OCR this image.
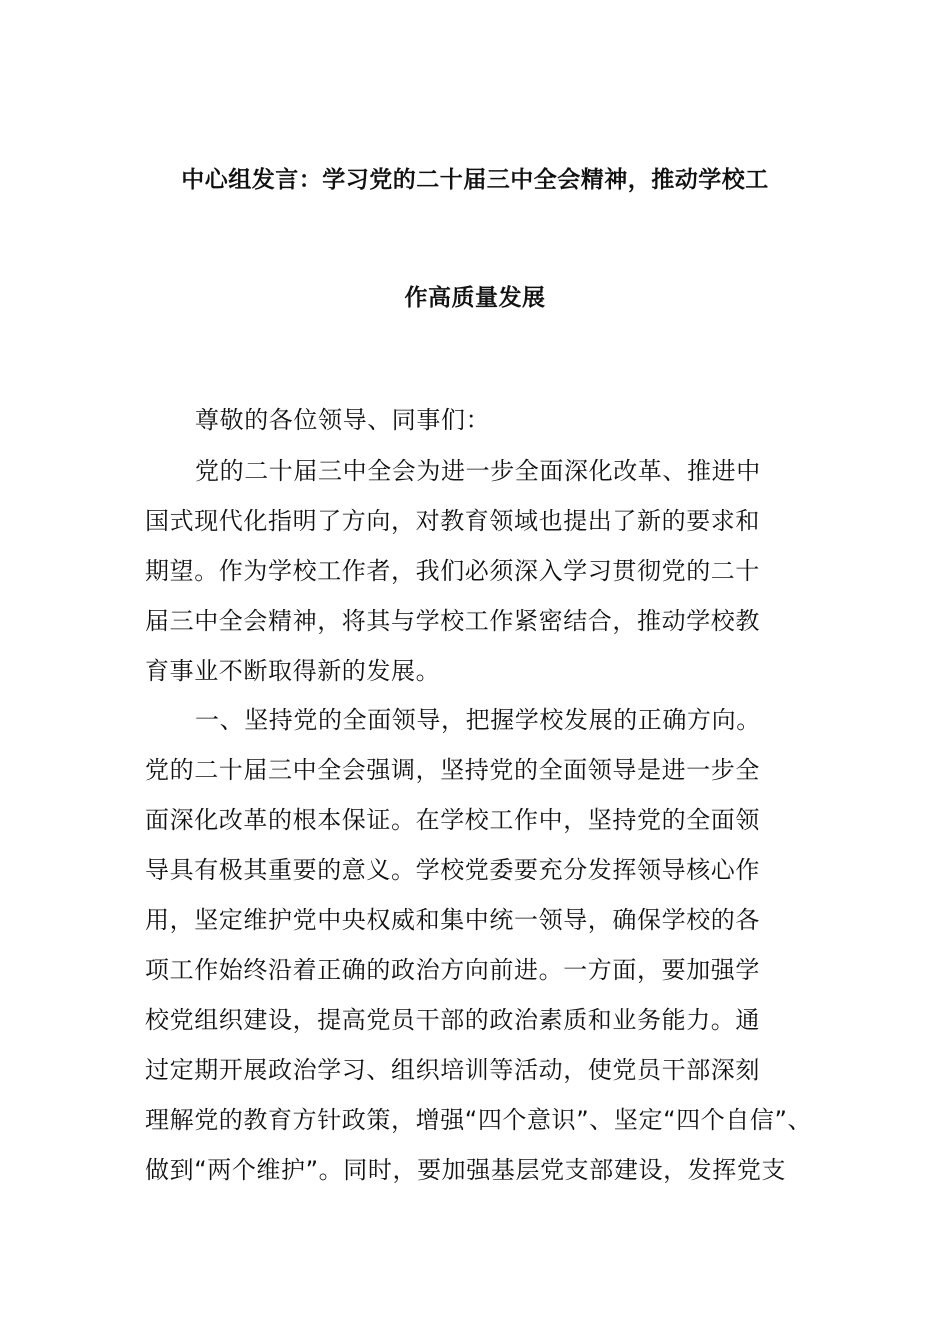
中心组发言：学习党的二十届三中全会精神，推动学校工
作高质量发展
尊敬的各位领导、同事们：
党的二十届三中全会为进一步全面深化改革、推进中
国式现代化指明了方向，对教育领域也提出了新的要求和
期望。作为学校工作者，我们必须深入学习贯彻党的二十
届三中全会精神，将其与学校工作紧密结合，推动学校教
育事业不断取得新的发展。
一、坚持党的全面领导，把握学校发展的正确方向。
党的二十届三中全会强调，坚持党的全面领导是进一步全
面深化改革的根本保证。在学校工作中，坚持党的全面领
导具有极其重要的意义。学校党委要充分发挥领导核心作
用，坚定维护党中央权威和集中统一领导，确保学校的各
项工作始终沿着正确的政治方向前进。一方面，要加强学
校党组织建设，提高党员干部的政治素质和业务能力。通
过定期开展政治学习、组织培训等活动，使党员干部深刻
理解党的教育方针政策，增强“四个意识”、坚定“四个自信”、
做到“两个维护”。同时，要加强基层党支部建设，发挥党支
